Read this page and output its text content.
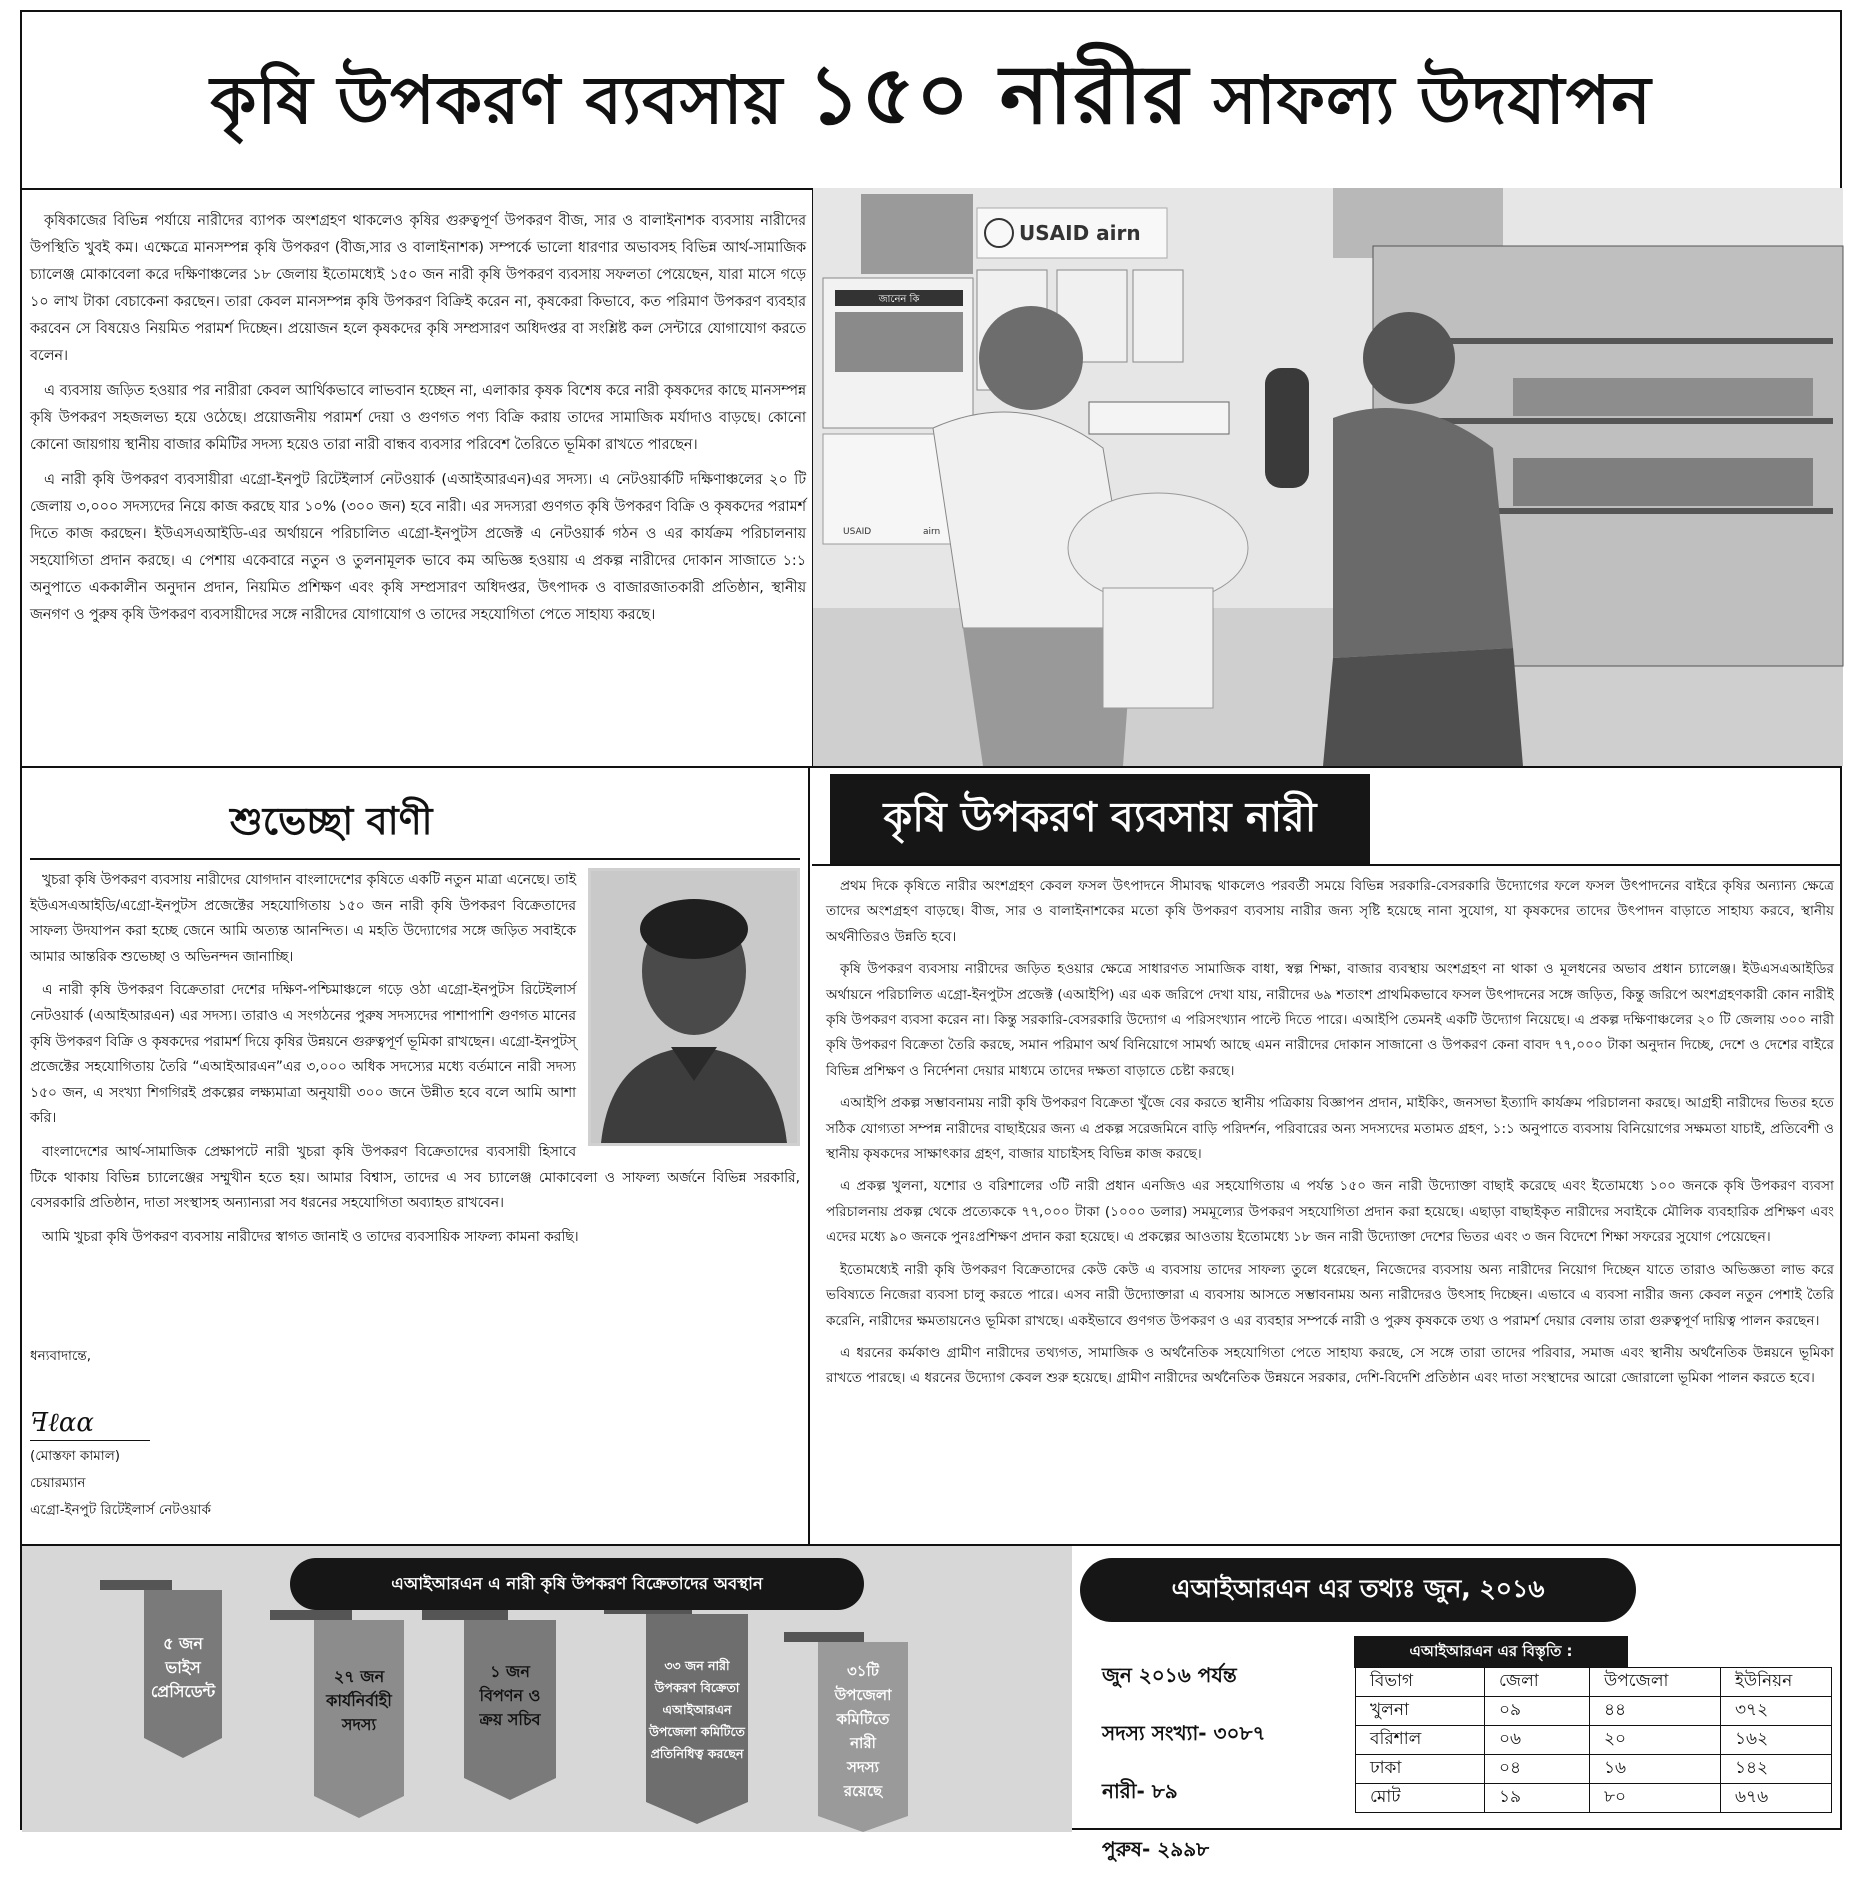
কৃষি উপকরণ ব্যবসায় ১৫০ নারীর সাফল্য উদযাপন

কৃষিকাজের বিভিন্ন পর্যায়ে নারীদের ব্যাপক অংশগ্রহণ থাকলেও কৃষির গুরুত্বপূর্ণ উপকরণ বীজ, সার ও বালাইনাশক ব্যবসায় নারীদের উপস্থিতি খুবই কম। এক্ষেত্রে মানসম্পন্ন কৃষি উপকরণ (বীজ,সার ও বালাইনাশক) সম্পর্কে ভালো ধারণার অভাবসহ বিভিন্ন আর্থ-সামাজিক চ্যালেঞ্জ মোকাবেলা করে দক্ষিণাঞ্চলের ১৮ জেলায় ইতোমধ্যেই ১৫০ জন নারী কৃষি উপকরণ ব্যবসায় সফলতা পেয়েছেন, যারা মাসে গড়ে ১০ লাখ টাকা বেচাকেনা করছেন। তারা কেবল মানসম্পন্ন কৃষি উপকরণ বিক্রিই করেন না, কৃষকেরা কিভাবে, কত পরিমাণ উপকরণ ব্যবহার করবেন সে বিষয়েও নিয়মিত পরামর্শ দিচ্ছেন। প্রয়োজন হলে কৃষকদের কৃষি সম্প্রসারণ অধিদপ্তর বা সংশ্লিষ্ট কল সেন্টারে যোগাযোগ করতে বলেন।

এ ব্যবসায় জড়িত হওয়ার পর নারীরা কেবল আর্থিকভাবে লাভবান হচ্ছেন না, এলাকার কৃষক বিশেষ করে নারী কৃষকদের কাছে মানসম্পন্ন কৃষি উপকরণ সহজলভ্য হয়ে ওঠেছে। প্রয়োজনীয় পরামর্শ দেয়া ও গুণগত পণ্য বিক্রি করায় তাদের সামাজিক মর্যাদাও বাড়ছে। কোনো কোনো জায়গায় স্থানীয় বাজার কমিটির সদস্য হয়েও তারা নারী বান্ধব ব্যবসার পরিবেশ তৈরিতে ভূমিকা রাখতে পারছেন।

এ নারী কৃষি উপকরণ ব্যবসায়ীরা এগ্রো-ইনপুট রিটেইলার্স নেটওয়ার্ক (এআইআরএন)এর সদস্য। এ নেটওয়ার্কটি দক্ষিণাঞ্চলের ২০ টি জেলায় ৩,০০০ সদস্যদের নিয়ে কাজ করছে যার ১০% (৩০০ জন) হবে নারী। এর সদস্যরা গুণগত কৃষি উপকরণ বিক্রি ও কৃষকদের পরামর্শ দিতে কাজ করছেন। ইউএসএআইডি-এর অর্থায়নে পরিচালিত এগ্রো-ইনপুটস প্রজেক্ট এ নেটওয়ার্ক গঠন ও এর কার্যক্রম পরিচালনায় সহযোগিতা প্রদান করছে। এ পেশায় একেবারে নতুন ও তুলনামূলক ভাবে কম অভিজ্ঞ হওয়ায় এ প্রকল্প নারীদের দোকান সাজাতে ১:১ অনুপাতে এককালীন অনুদান প্রদান, নিয়মিত প্রশিক্ষণ এবং কৃষি সম্প্রসারণ অধিদপ্তর, উৎপাদক ও বাজারজাতকারী প্রতিষ্ঠান, স্থানীয় জনগণ ও পুরুষ কৃষি উপকরণ ব্যবসায়ীদের সঙ্গে নারীদের যোগাযোগ ও তাদের সহযোগিতা পেতে সাহায্য করছে।

জানেন কি
USAID	airn
USAID airn
শুভেচ্ছা বাণী

খুচরা কৃষি উপকরণ ব্যবসায় নারীদের যোগদান বাংলাদেশের কৃষিতে একটি নতুন মাত্রা এনেছে। তাই ইউএসএআইডি/এগ্রো-ইনপুটস প্রজেক্টের সহযোগিতায় ১৫০ জন নারী কৃষি উপকরণ বিক্রেতাদের সাফল্য উদযাপন করা হচ্ছে জেনে আমি অত্যন্ত আনন্দিত। এ মহতি উদ্যোগের সঙ্গে জড়িত সবাইকে আমার আন্তরিক শুভেচ্ছা ও অভিনন্দন জানাচ্ছি।

এ নারী কৃষি উপকরণ বিক্রেতারা দেশের দক্ষিণ-পশ্চিমাঞ্চলে গড়ে ওঠা এগ্রো-ইনপুটস রিটেইলার্স নেটওয়ার্ক (এআইআরএন) এর সদস্য। তারাও এ সংগঠনের পুরুষ সদস্যদের পাশাপাশি গুণগত মানের কৃষি উপকরণ বিক্রি ও কৃষকদের পরামর্শ দিয়ে কৃষির উন্নয়নে গুরুত্বপূর্ণ ভূমিকা রাখছেন। এগ্রো-ইনপুটস্ প্রজেক্টের সহযোগিতায় তৈরি “এআইআরএন”এর ৩,০০০ অধিক সদস্যের মধ্যে বর্তমানে নারী সদস্য ১৫০ জন, এ সংখ্যা শিগগিরই প্রকল্পের লক্ষ্যমাত্রা অনুযায়ী ৩০০ জনে উন্নীত হবে বলে আমি আশা করি।

বাংলাদেশের আর্থ-সামাজিক প্রেক্ষাপটে নারী খুচরা কৃষি উপকরণ বিক্রেতাদের ব্যবসায়ী হিসাবে টিকে থাকায় বিভিন্ন চ্যালেঞ্জের সম্মুখীন হতে হয়। আমার বিশ্বাস, তাদের এ সব চ্যালেঞ্জ মোকাবেলা ও সাফল্য অর্জনে বিভিন্ন সরকারি, বেসরকারি প্রতিষ্ঠান, দাতা সংস্থাসহ অন্যান্যরা সব ধরনের সহযোগিতা অব্যাহত রাখবেন।

আমি খুচরা কৃষি উপকরণ ব্যবসায় নারীদের স্বাগত জানাই ও তাদের ব্যবসায়িক সাফল্য কামনা করছি।

ধন্যবাদান্তে,
ꟻℓαα
(মোস্তফা কামাল)
চেয়ারম্যান
এগ্রো-ইনপুট রিটেইলার্স নেটওয়ার্ক
কৃষি উপকরণ ব্যবসায় নারী

প্রথম দিকে কৃষিতে নারীর অংশগ্রহণ কেবল ফসল উৎপাদনে সীমাবদ্ধ থাকলেও পরবর্তী সময়ে বিভিন্ন সরকারি-বেসরকারি উদ্যোগের ফলে ফসল উৎপাদনের বাইরে কৃষির অন্যান্য ক্ষেত্রে তাদের অংশগ্রহণ বাড়ছে। বীজ, সার ও বালাইনাশকের মতো কৃষি উপকরণ ব্যবসায় নারীর জন্য সৃষ্টি হয়েছে নানা সুযোগ, যা কৃষকদের তাদের উৎপাদন বাড়াতে সাহায্য করবে, স্থানীয় অর্থনীতিরও উন্নতি হবে।

কৃষি উপকরণ ব্যবসায় নারীদের জড়িত হওয়ার ক্ষেত্রে সাধারণত সামাজিক বাধা, স্বল্প শিক্ষা, বাজার ব্যবস্থায় অংশগ্রহণ না থাকা ও মূলধনের অভাব প্রধান চ্যালেঞ্জ। ইউএসএআইডির অর্থায়নে পরিচালিত এগ্রো-ইনপুটস প্রজেক্ট (এআইপি) এর এক জরিপে দেখা যায়, নারীদের ৬৯ শতাংশ প্রাথমিকভাবে ফসল উৎপাদনের সঙ্গে জড়িত, কিন্তু জরিপে অংশগ্রহণকারী কোন নারীই কৃষি উপকরণ ব্যবসা করেন না। কিন্তু সরকারি-বেসরকারি উদ্যোগ এ পরিসংখ্যান পাল্টে দিতে পারে। এআইপি তেমনই একটি উদ্যোগ নিয়েছে। এ প্রকল্প দক্ষিণাঞ্চলের ২০ টি জেলায় ৩০০ নারী কৃষি উপকরণ বিক্রেতা তৈরি করছে, সমান পরিমাণ অর্থ বিনিয়োগে সামর্থ্য আছে এমন নারীদের দোকান সাজানো ও উপকরণ কেনা বাবদ ৭৭,০০০ টাকা অনুদান দিচ্ছে, দেশে ও দেশের বাইরে বিভিন্ন প্রশিক্ষণ ও নির্দেশনা দেয়ার মাধ্যমে তাদের দক্ষতা বাড়াতে চেষ্টা করছে।

এআইপি প্রকল্প সম্ভাবনাময় নারী কৃষি উপকরণ বিক্রেতা খুঁজে বের করতে স্থানীয় পত্রিকায় বিজ্ঞাপন প্রদান, মাইকিং, জনসভা ইত্যাদি কার্যক্রম পরিচালনা করছে। আগ্রহী নারীদের ভিতর হতে সঠিক যোগ্যতা সম্পন্ন নারীদের বাছাইয়ের জন্য এ প্রকল্প সরেজমিনে বাড়ি পরিদর্শন, পরিবারের অন্য সদস্যদের মতামত গ্রহণ, ১:১ অনুপাতে ব্যবসায় বিনিয়োগের সক্ষমতা যাচাই, প্রতিবেশী ও স্থানীয় কৃষকদের সাক্ষাৎকার গ্রহণ, বাজার যাচাইসহ বিভিন্ন কাজ করছে।

এ প্রকল্প খুলনা, যশোর ও বরিশালের ৩টি নারী প্রধান এনজিও এর সহযোগিতায় এ পর্যন্ত ১৫০ জন নারী উদ্যোক্তা বাছাই করেছে এবং ইতোমধ্যে ১০০ জনকে কৃষি উপকরণ ব্যবসা পরিচালনায় প্রকল্প থেকে প্রত্যেককে ৭৭,০০০ টাকা (১০০০ ডলার) সমমূল্যের উপকরণ সহযোগিতা প্রদান করা হয়েছে। এছাড়া বাছাইকৃত নারীদের সবাইকে মৌলিক ব্যবহারিক প্রশিক্ষণ এবং এদের মধ্যে ৯০ জনকে পুনঃপ্রশিক্ষণ প্রদান করা হয়েছে। এ প্রকল্পের আওতায় ইতোমধ্যে ১৮ জন নারী উদ্যোক্তা দেশের ভিতর এবং ৩ জন বিদেশে শিক্ষা সফরের সুযোগ পেয়েছেন।

ইতোমধ্যেই নারী কৃষি উপকরণ বিক্রেতাদের কেউ কেউ এ ব্যবসায় তাদের সাফল্য তুলে ধরেছেন, নিজেদের ব্যবসায় অন্য নারীদের নিয়োগ দিচ্ছেন যাতে তারাও অভিজ্ঞতা লাভ করে ভবিষ্যতে নিজেরা ব্যবসা চালু করতে পারে। এসব নারী উদ্যোক্তারা এ ব্যবসায় আসতে সম্ভাবনাময় অন্য নারীদেরও উৎসাহ দিচ্ছেন। এভাবে এ ব্যবসা নারীর জন্য কেবল নতুন পেশাই তৈরি করেনি, নারীদের ক্ষমতায়নেও ভূমিকা রাখছে। একইভাবে গুণগত উপকরণ ও এর ব্যবহার সম্পর্কে নারী ও পুরুষ কৃষককে তথ্য ও পরামর্শ দেয়ার বেলায় তারা গুরুত্বপূর্ণ দায়িত্ব পালন করছেন।

এ ধরনের কর্মকাণ্ড গ্রামীণ নারীদের তথ্যগত, সামাজিক ও অর্থনৈতিক সহযোগিতা পেতে সাহায্য করছে, সে সঙ্গে তারা তাদের পরিবার, সমাজ এবং স্থানীয় অর্থনৈতিক উন্নয়নে ভূমিকা রাখতে পারছে। এ ধরনের উদ্যোগ কেবল শুরু হয়েছে। গ্রামীণ নারীদের অর্থনৈতিক উন্নয়নে সরকার, দেশি-বিদেশি প্রতিষ্ঠান এবং দাতা সংস্থাদের আরো জোরালো ভূমিকা পালন করতে হবে।

এআইআরএন এ নারী কৃষি উপকরণ বিক্রেতাদের অবস্থান
৫ জন
ভাইস
প্রেসিডেন্ট
২৭ জন
কার্যনির্বাহী
সদস্য
১ জন
বিপণন ও
ক্রয় সচিব
৩৩ জন নারী
উপকরণ বিক্রেতা
এআইআরএন
উপজেলা কমিটিতে
প্রতিনিধিত্ব করছেন
৩১টি
উপজেলা
কমিটিতে
নারী
সদস্য
রয়েছে
এআইআরএন এর তথ্যঃ জুন, ২০১৬
জুন ২০১৬ পর্যন্ত
সদস্য সংখ্যা- ৩০৮৭
নারী- ৮৯
পুরুষ- ২৯৯৮
এআইআরএন এর বিস্তৃতি :
বিভাগ	জেলা	উপজেলা	ইউনিয়ন
খুলনা	০৯	৪৪	৩৭২
বরিশাল	০৬	২০	১৬২
ঢাকা	০৪	১৬	১৪২
মোট	১৯	৮০	৬৭৬
